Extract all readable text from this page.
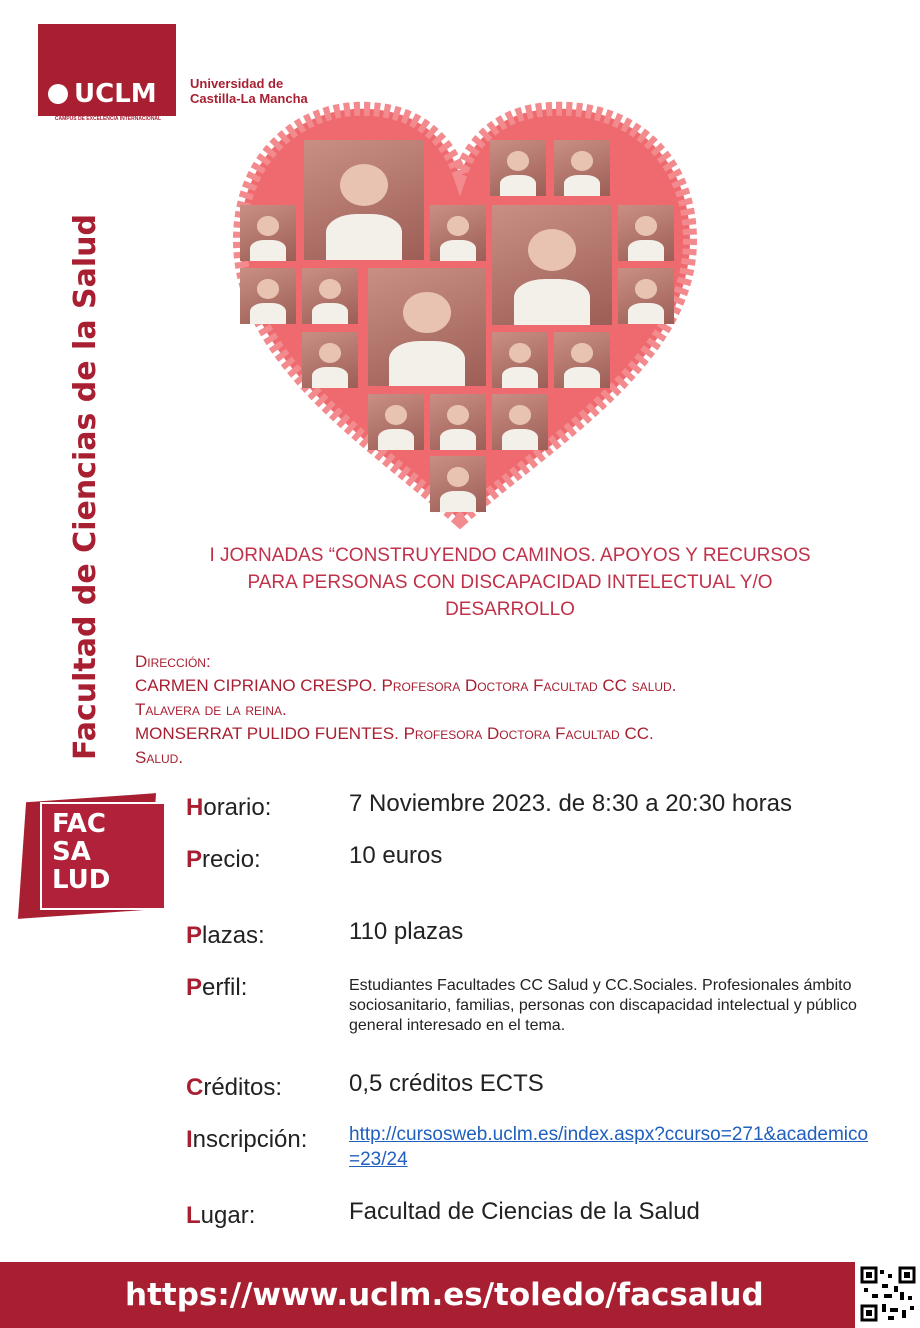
UCLM
CAMPUS DE EXCELENCIA INTERNACIONAL
Universidad de
Castilla-La Mancha
Facultad de Ciencias de la Salud	I JORNADAS “CONSTRUYENDO CAMINOS. APOYOS Y RECURSOS
PARA PERSONAS CON DISCAPACIDAD INTELECTUAL Y/O
DESARROLLO
Dirección:
CARMEN CIPRIANO CRESPO. Profesora Doctora Facultad CC salud.
Talavera de la reina.
MONSERRAT PULIDO FUENTES. Profesora Doctora Facultad CC.
Salud.
FAC
SA
LUD
Horario:	7 Noviembre 2023. de 8:30 a 20:30 horas
Precio:	10 euros
Plazas:	110 plazas
Perfil:	Estudiantes Facultades CC Salud y CC.Sociales. Profesionales ámbito sociosanitario, familias, personas con discapacidad intelectual y público general interesado en el tema.
Créditos:	0,5 créditos ECTS
Inscripción: http://cursosweb.uclm.es/index.aspx?ccurso=271&academico=23/24
Lugar:	Facultad de Ciencias de la Salud
https://www.uclm.es/toledo/facsalud
